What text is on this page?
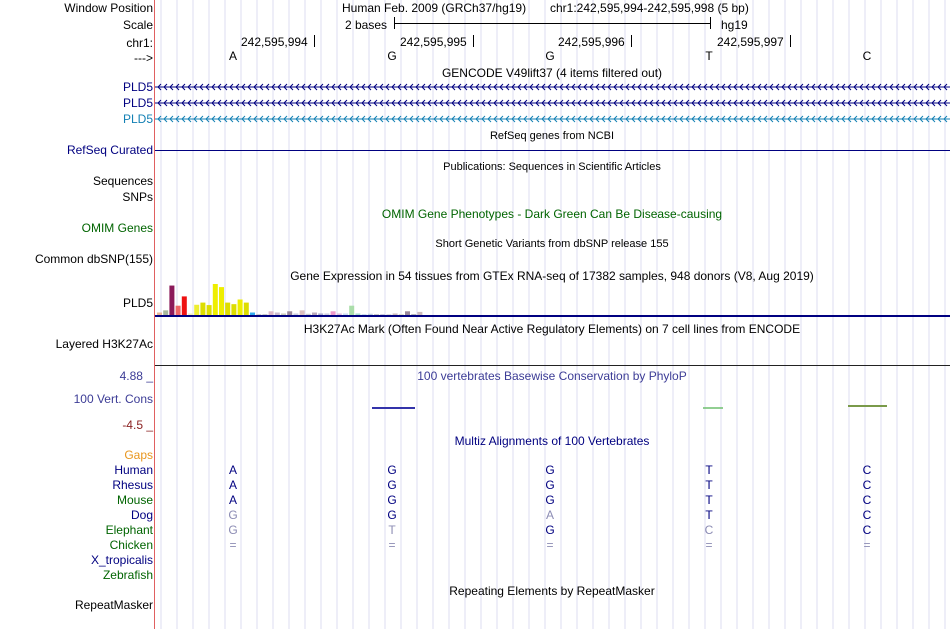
Window Position
Scale
chr1:
--->
Human Feb. 2009 (GRCh37/hg19) chr1:242,595,994-242,595,998 (5 bp)
2 bases	hg19
242,595,994	242,595,995	242,595,996	242,595,997
A	G	G	T	C
GENCODE V49lift37 (4 items filtered out)
PLD5
PLD5
PLD5
RefSeq genes from NCBI
RefSeq Curated
Publications: Sequences in Scientific Articles
Sequences
SNPs
OMIM Gene Phenotypes - Dark Green Can Be Disease-causing
OMIM Genes
Short Genetic Variants from dbSNP release 155
Common dbSNP(155)
Gene Expression in 54 tissues from GTEx RNA-seq of 17382 samples, 948 donors (V8, Aug 2019)
PLD5
H3K27Ac Mark (Often Found Near Active Regulatory Elements) on 7 cell lines from ENCODE
Layered H3K27Ac
100 vertebrates Basewise Conservation by PhyloP
4.88 _
100 Vert. Cons
-4.5 _
Multiz Alignments of 100 Vertebrates
Gaps
Human	A	G	G	T	C
Rhesus	A	G	G	T	C
Mouse	A	G	G	T	C
Dog	G	G	A	T	C
Elephant	G	T	G	C	C
Chicken	=	=	=	=	=
X_tropicalis
Zebrafish
Repeating Elements by RepeatMasker
RepeatMasker
